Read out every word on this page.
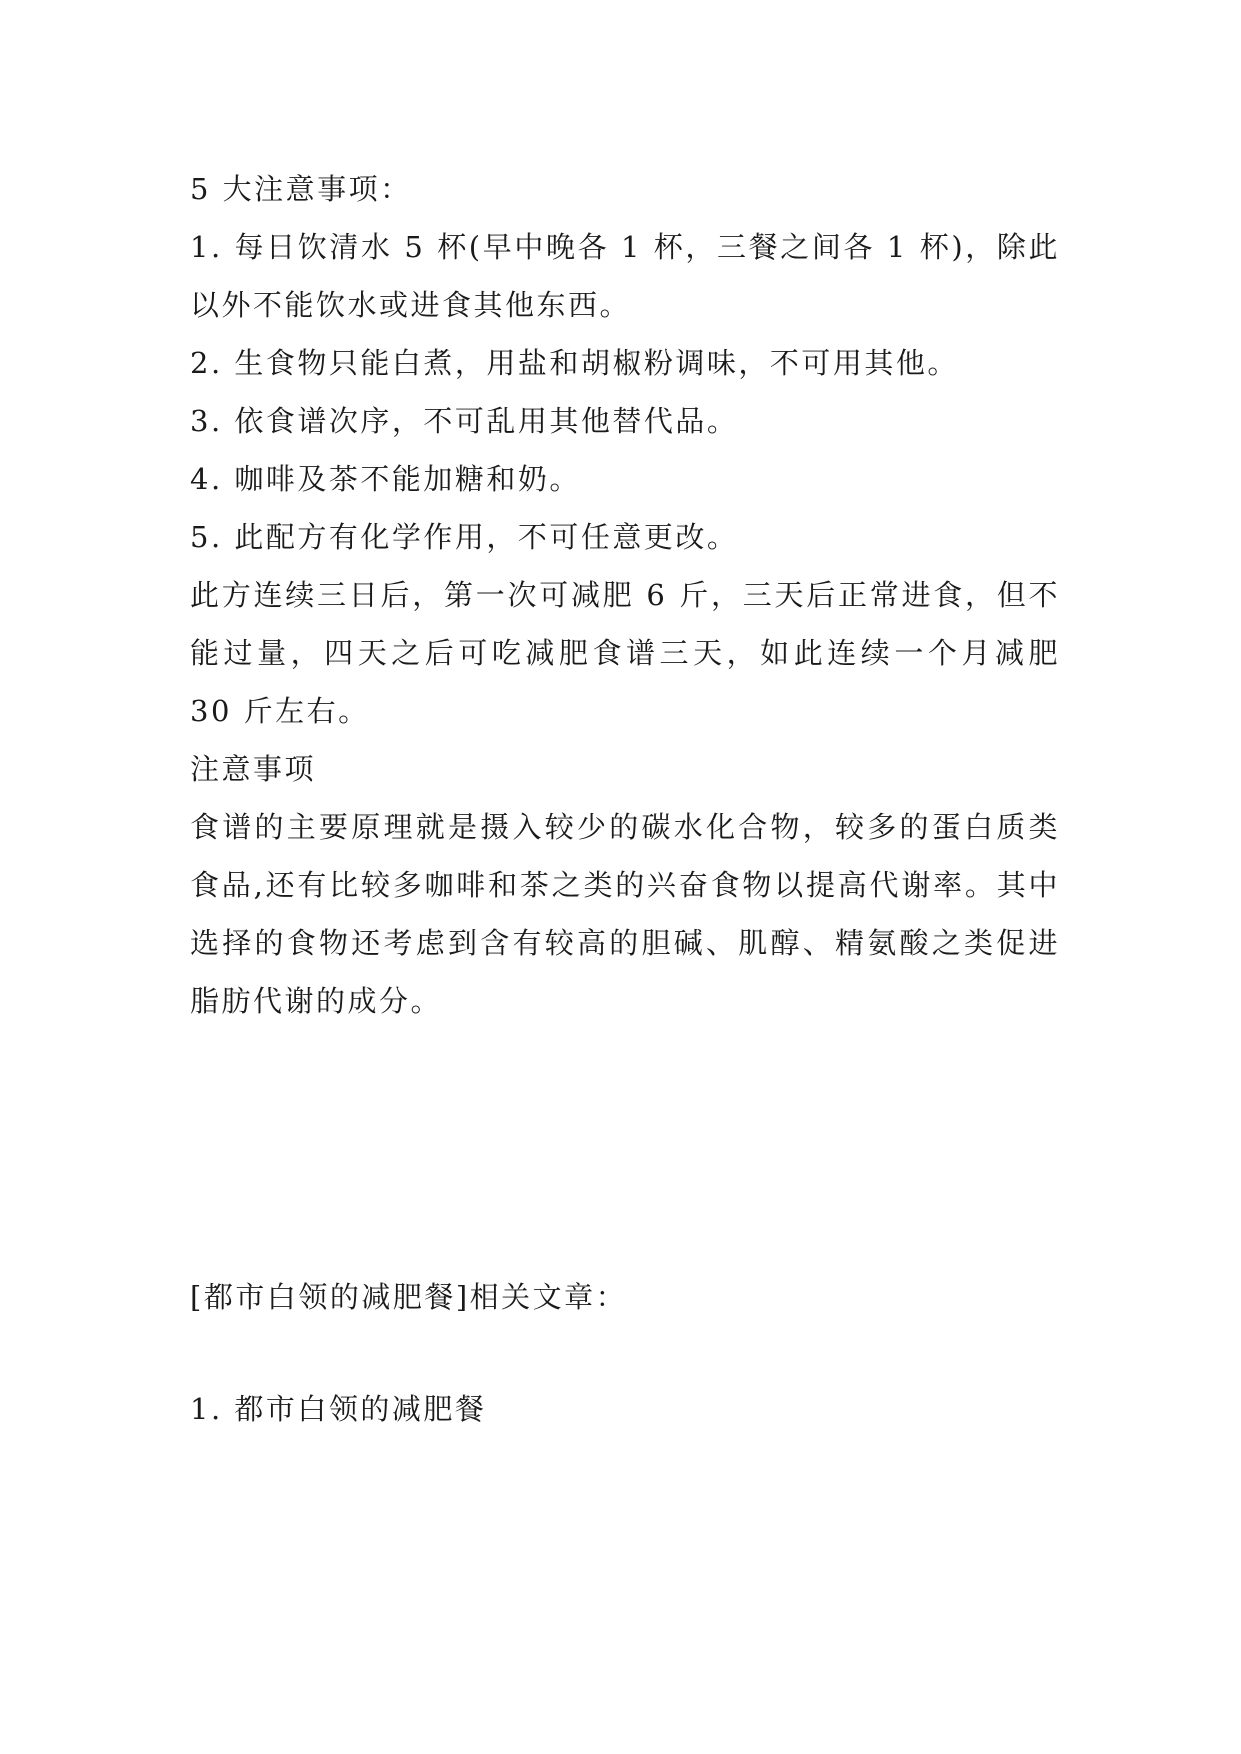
5 大注意事项：

1. 每日饮清水 5 杯(早中晚各 1 杯，三餐之间各 1 杯)，除此以外不能饮水或进食其他东西。

2. 生食物只能白煮，用盐和胡椒粉调味，不可用其他。

3. 依食谱次序，不可乱用其他替代品。

4. 咖啡及茶不能加糖和奶。

5. 此配方有化学作用，不可任意更改。

此方连续三日后，第一次可减肥 6 斤，三天后正常进食，但不能过量，四天之后可吃减肥食谱三天，如此连续一个月减肥 30 斤左右。

注意事项

食谱的主要原理就是摄入较少的碳水化合物，较多的蛋白质类食品,还有比较多咖啡和茶之类的兴奋食物以提高代谢率。其中选择的食物还考虑到含有较高的胆碱、肌醇、精氨酸之类促进脂肪代谢的成分。

[都市白领的减肥餐]相关文章：

1. 都市白领的减肥餐
